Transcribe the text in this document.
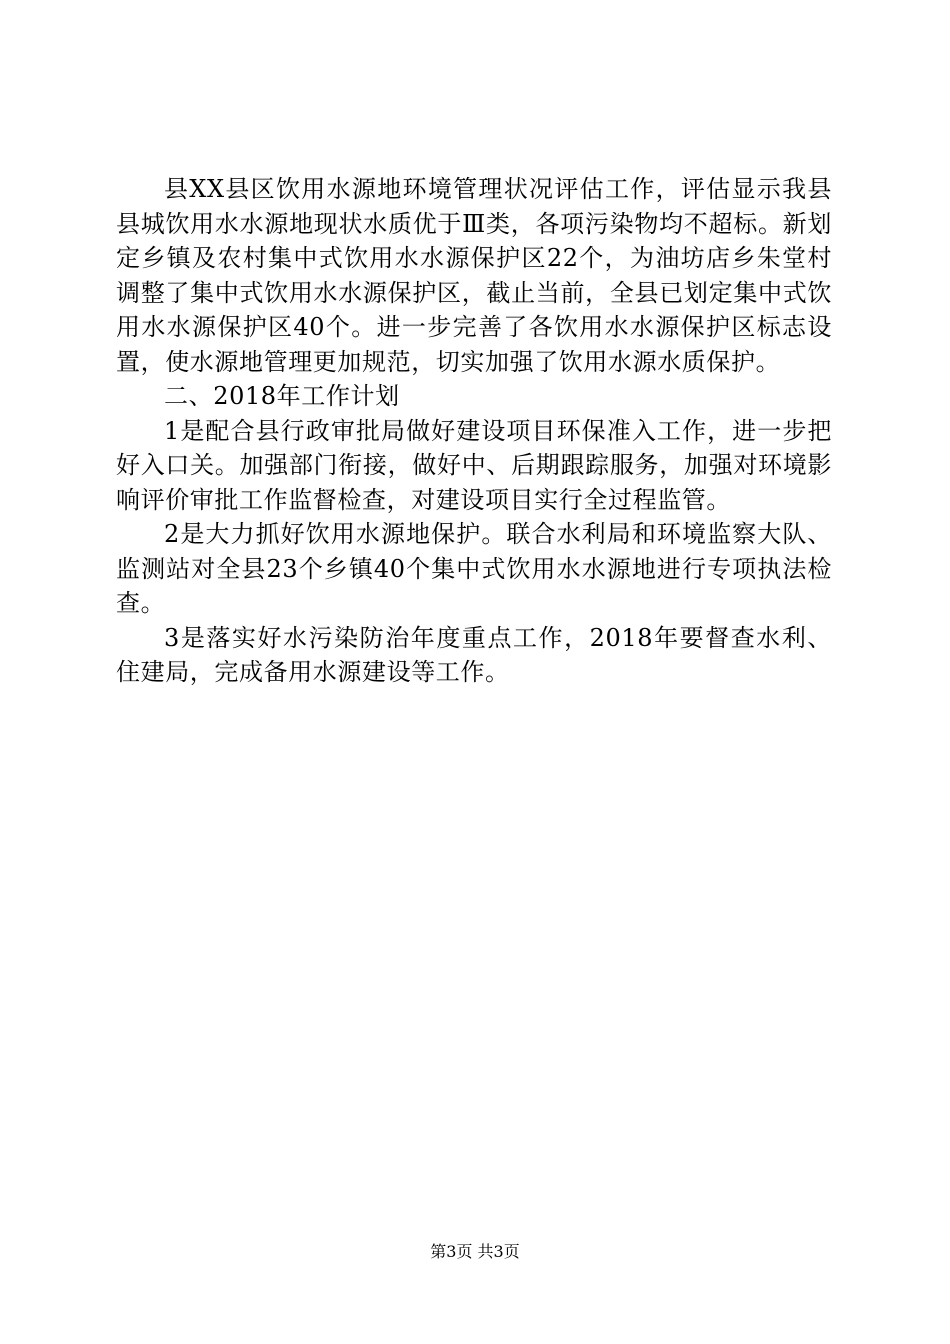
县XX县区饮用水源地环境管理状况评估工作，评估显示我县县城饮用水水源地现状水质优于Ⅲ类，各项污染物均不超标。新划定乡镇及农村集中式饮用水水源保护区22个，为油坊店乡朱堂村调整了集中式饮用水水源保护区，截止当前，全县已划定集中式饮用水水源保护区40个。进一步完善了各饮用水水源保护区标志设置，使水源地管理更加规范，切实加强了饮用水源水质保护。

二、2018年工作计划

1是配合县行政审批局做好建设项目环保准入工作，进一步把好入口关。加强部门衔接，做好中、后期跟踪服务，加强对环境影响评价审批工作监督检查，对建设项目实行全过程监管。

2是大力抓好饮用水源地保护。联合水利局和环境监察大队、监测站对全县23个乡镇40个集中式饮用水水源地进行专项执法检查。

3是落实好水污染防治年度重点工作，2018年要督查水利、住建局，完成备用水源建设等工作。

第3页 共3页
